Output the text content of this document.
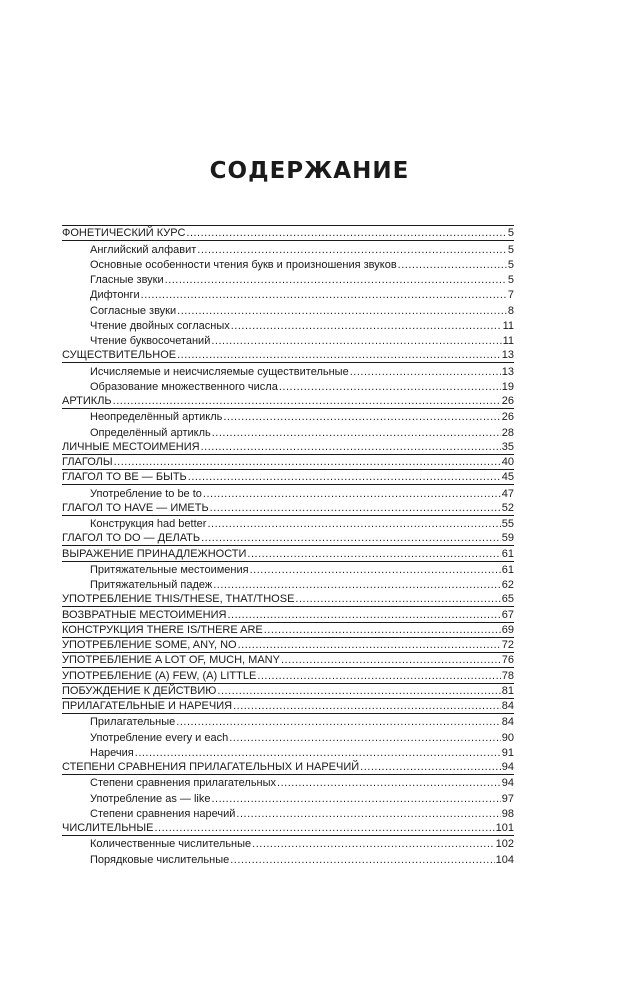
СОДЕРЖАНИЕ
ФОНЕТИЧЕСКИЙ КУРС .....	5
Английский алфавит .....	5
Основные особенности чтения букв и произношения звуков .....	5
Гласные звуки .....	5
Дифтонги .....	7
Согласные звуки .....	8
Чтение двойных согласных .....	11
Чтение буквосочетаний .....	11
СУЩЕСТВИТЕЛЬНОЕ .....	13
Исчисляемые и неисчисляемые существительные .....	13
Образование множественного числа .....	19
АРТИКЛЬ .....	26
Неопределённый артикль .....	26
Определённый артикль .....	28
ЛИЧНЫЕ МЕСТОИМЕНИЯ .....	35
ГЛАГОЛЫ .....	40
ГЛАГОЛ TO BE — БЫТЬ .....	45
Употребление to be to .....	47
ГЛАГОЛ TO HAVE — ИМЕТЬ .....	52
Конструкция had better .....	55
ГЛАГОЛ TO DO — ДЕЛАТЬ .....	59
ВЫРАЖЕНИЕ ПРИНАДЛЕЖНОСТИ .....	61
Притяжательные местоимения .....	61
Притяжательный падеж .....	62
УПОТРЕБЛЕНИЕ THIS/THESE, THAT/THOSE .....	65
ВОЗВРАТНЫЕ МЕСТОИМЕНИЯ .....	67
КОНСТРУКЦИЯ THERE IS/THERE ARE .....	69
УПОТРЕБЛЕНИЕ SOME, ANY, NO .....	72
УПОТРЕБЛЕНИЕ A LOT OF, MUCH, MANY .....	76
УПОТРЕБЛЕНИЕ (A) FEW, (A) LITTLE .....	78
ПОБУЖДЕНИЕ К ДЕЙСТВИЮ .....	81
ПРИЛАГАТЕЛЬНЫЕ И НАРЕЧИЯ .....	84
Прилагательные .....	84
Употребление every и each .....	90
Наречия .....	91
СТЕПЕНИ СРАВНЕНИЯ ПРИЛАГАТЕЛЬНЫХ И НАРЕЧИЙ .....	94
Степени сравнения прилагательных .....	94
Употребление as — like .....	97
Степени сравнения наречий .....	98
ЧИСЛИТЕЛЬНЫЕ .....	101
Количественные числительные .....	102
Порядковые числительные .....	104
